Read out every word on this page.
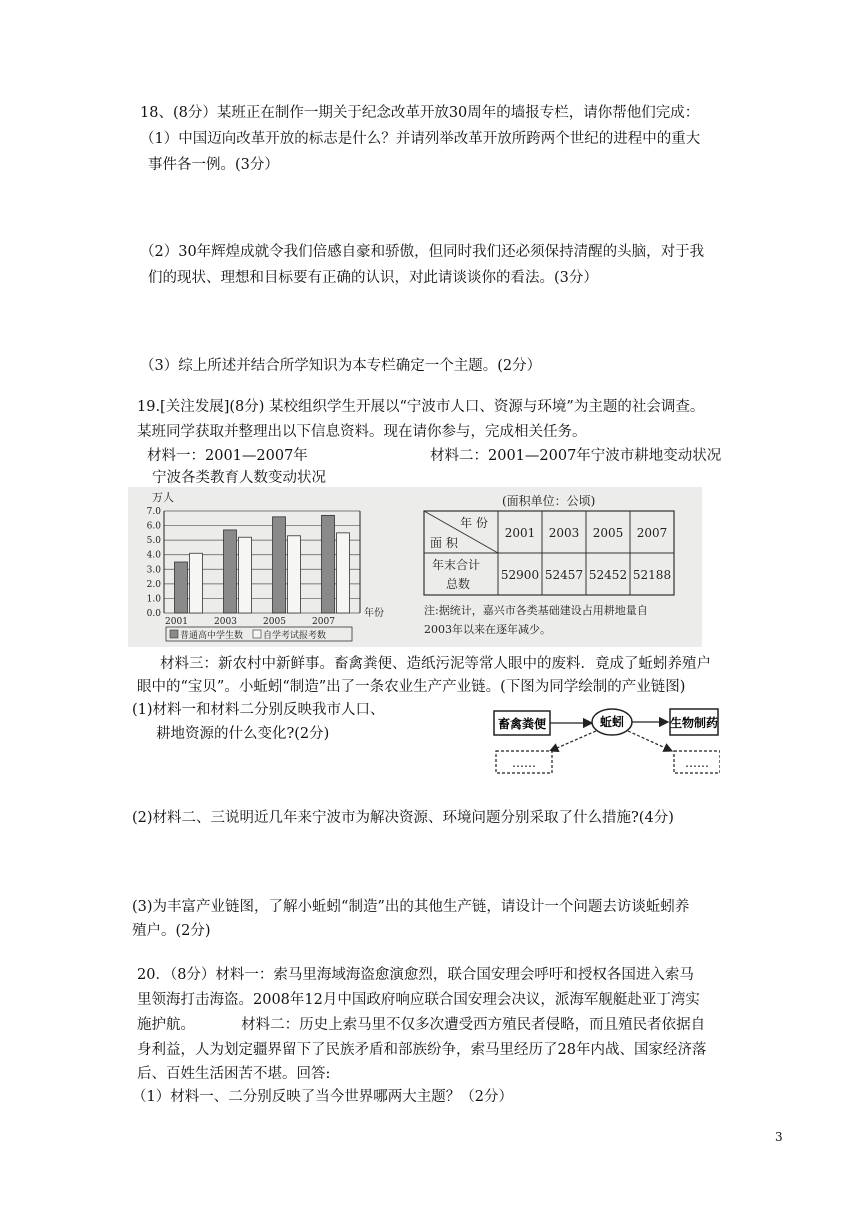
18、(8分）某班正在制作一期关于纪念改革开放30周年的墙报专栏，请你帮他们完成：
（1）中国迈向改革开放的标志是什么？并请列举改革开放所跨两个世纪的进程中的重大
事件各一例。(3分）
（2）30年辉煌成就令我们倍感自豪和骄傲，但同时我们还必须保持清醒的头脑，对于我
们的现状、理想和目标要有正确的认识，对此请谈谈你的看法。(3分）
（3）综上所述并结合所学知识为本专栏确定一个主题。(2分）
19.[关注发展](8分) 某校组织学生开展以“宁波市人口、资源与环境”为主题的社会调查。
某班同学获取并整理出以下信息资料。现在请你参与，完成相关任务。
材料一：2001—2007年	材料二：2001—2007年宁波市耕地变动状况
宁波各类教育人数变动状况
万人
0.0
1.0
2.0
3.0
4.0
5.0
6.0
7.0
2001	2003	2005	2007
年份
普通高中学生数 自学考试报考数
(面积单位：公顷)
年 份
面 积
2001 2003 2005 2007
年末合计
总数
52900 52457 52452 52188
注:据统计，嘉兴市各类基础建设占用耕地量自
2003年以来在逐年减少。
材料三：新农村中新鲜事。畜禽粪便、造纸污泥等常人眼中的废料．竟成了蚯蚓养殖户
眼中的“宝贝”。小蚯蚓“制造”出了一条农业生产产业链。(下图为同学绘制的产业链图)
(1)材料一和材料二分别反映我市人口、
耕地资源的什么变化?(2分)
畜禽粪便	蚯蚓	生物制药
……	……
(2)材料二、三说明近几年来宁波市为解决资源、环境问题分别采取了什么措施?(4分)
(3)为丰富产业链图，了解小蚯蚓“制造”出的其他生产链，请设计一个问题去访谈蚯蚓养
殖户。(2分)
20．（8分）材料一：索马里海域海盗愈演愈烈，联合国安理会呼吁和授权各国进入索马
里领海打击海盗。2008年12月中国政府响应联合国安理会决议，派海军舰艇赴亚丁湾实
施护航。          材料二：历史上索马里不仅多次遭受西方殖民者侵略，而且殖民者依据自
身利益，人为划定疆界留下了民族矛盾和部族纷争，索马里经历了28年内战、国家经济落
后、百姓生活困苦不堪。回答:
（1）材料一、二分别反映了当今世界哪两大主题？（2分）
3
